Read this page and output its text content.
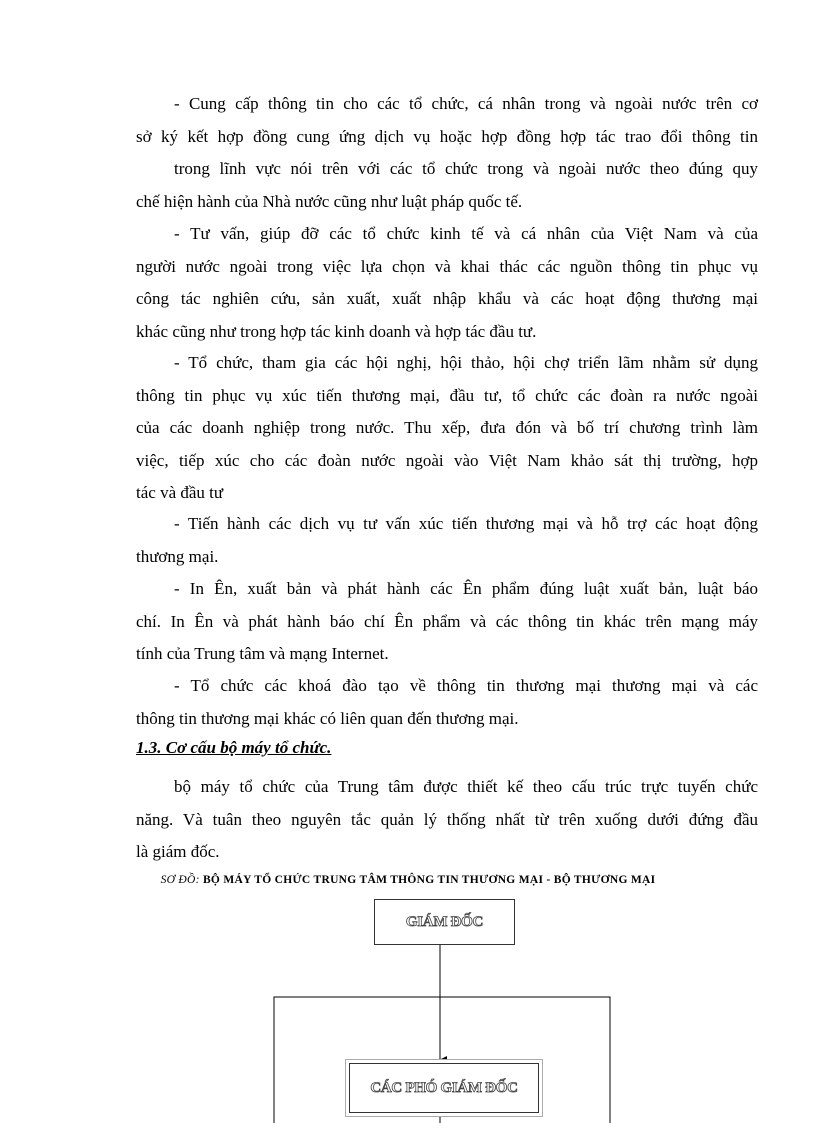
- Cung cấp thông tin cho các tổ chức, cá nhân trong và ngoài nước trên cơ
sở ký kết hợp đồng cung ứng dịch vụ hoặc hợp đồng hợp tác trao đổi thông tin
trong lĩnh vực nói trên với các tổ chức trong và ngoài nước theo đúng quy
chế hiện hành của Nhà nước cũng như luật pháp quốc tế.
- Tư vấn, giúp đỡ các tổ chức kinh tế và cá nhân của Việt Nam và của
người nước ngoài trong việc lựa chọn và khai thác các nguồn thông tin phục vụ
công tác nghiên cứu, sản xuất, xuất nhập khẩu và các hoạt động thương mại
khác cũng như trong hợp tác kinh doanh và hợp tác đầu tư.
- Tổ chức, tham gia các hội nghị, hội thảo, hội chợ triển lãm nhằm sử dụng
thông tin phục vụ xúc tiến thương mại, đầu tư, tổ chức các đoàn ra nước ngoài
của các doanh nghiệp trong nước. Thu xếp, đưa đón và bố trí chương trình làm
việc, tiếp xúc cho các đoàn nước ngoài vào Việt Nam khảo sát thị trường, hợp
tác và đầu tư
- Tiến hành các dịch vụ tư vấn xúc tiến thương mại và hỗ trợ các hoạt động
thương mại.
- In Ên, xuất bản và phát hành các Ên phẩm đúng luật xuất bản, luật báo
chí. In Ên và phát hành báo chí Ên phẩm và các thông tin khác trên mạng máy
tính của Trung tâm và mạng Internet.
- Tổ chức các khoá đào tạo về thông tin thương mại thương mại và các
thông tin thương mại khác có liên quan đến thương mại.
1.3. Cơ cấu bộ máy tổ chức.
bộ máy tổ chức của Trung tâm được thiết kế theo cấu trúc trực tuyến chức
năng. Và tuân theo nguyên tắc quản lý thống nhất từ trên xuống dưới đứng đầu
là giám đốc.
SƠ ĐỒ: BỘ MÁY TỔ CHỨC TRUNG TÂM THÔNG TIN THƯƠNG MẠI - BỘ THƯƠNG MẠI
GIÁM ĐỐC
CÁC PHÓ GIÁM ĐỐC
